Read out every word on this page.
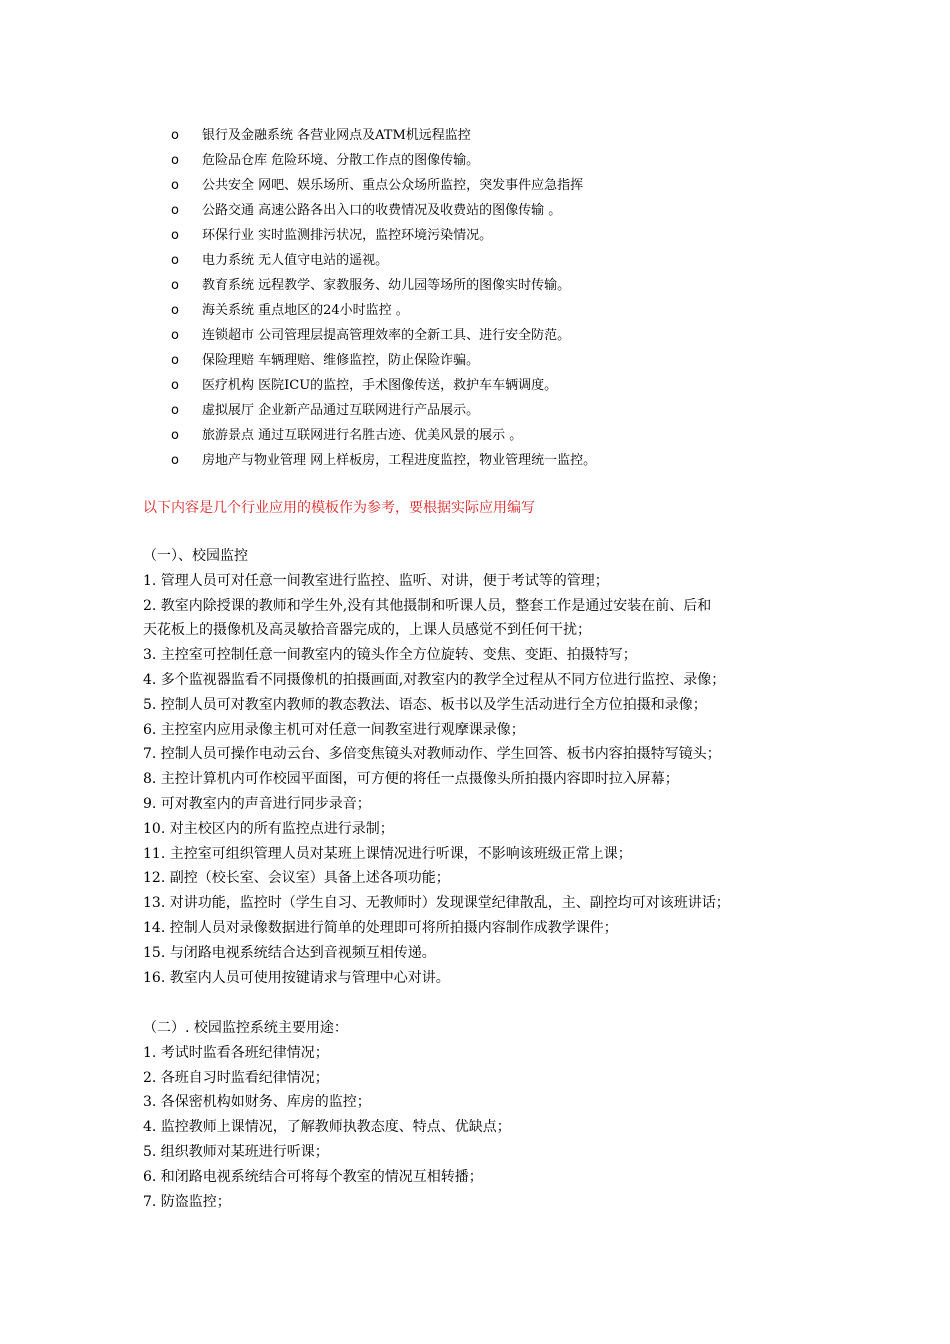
o	银行及金融系统 各营业网点及ATM机远程监控
o	危险品仓库 危险环境、分散工作点的图像传输。
o	公共安全 网吧、娱乐场所、重点公众场所监控，突发事件应急指挥
o	公路交通 高速公路各出入口的收费情况及收费站的图像传输 。
o	环保行业 实时监测排污状况，监控环境污染情况。
o	电力系统 无人值守电站的遥视。
o	教育系统 远程教学、家教服务、幼儿园等场所的图像实时传输。
o	海关系统 重点地区的24小时监控 。
o	连锁超市 公司管理层提高管理效率的全新工具、进行安全防范。
o	保险理赔 车辆理赔、维修监控，防止保险诈骗。
o	医疗机构 医院ICU的监控，手术图像传送，救护车车辆调度。
o	虚拟展厅 企业新产品通过互联网进行产品展示。
o	旅游景点 通过互联网进行名胜古迹、优美风景的展示 。
o	房地产与物业管理 网上样板房，工程进度监控，物业管理统一监控。
以下内容是几个行业应用的模板作为参考，要根据实际应用编写
（一）、校园监控
1. 管理人员可对任意一间教室进行监控、监听、对讲，便于考试等的管理；
2. 教室内除授课的教师和学生外,没有其他摄制和听课人员，整套工作是通过安装在前、后和
天花板上的摄像机及高灵敏拾音器完成的，上课人员感觉不到任何干扰；
3. 主控室可控制任意一间教室内的镜头作全方位旋转、变焦、变距、拍摄特写；
4. 多个监视器监看不同摄像机的拍摄画面,对教室内的教学全过程从不同方位进行监控、录像；
5. 控制人员可对教室内教师的教态教法、语态、板书以及学生活动进行全方位拍摄和录像；
6. 主控室内应用录像主机可对任意一间教室进行观摩课录像；
7. 控制人员可操作电动云台、多倍变焦镜头对教师动作、学生回答、板书内容拍摄特写镜头；
8. 主控计算机内可作校园平面图，可方便的将任一点摄像头所拍摄内容即时拉入屏幕；
9. 可对教室内的声音进行同步录音；
10. 对主校区内的所有监控点进行录制；
11. 主控室可组织管理人员对某班上课情况进行听课，不影响该班级正常上课；
12. 副控（校长室、会议室）具备上述各项功能；
13. 对讲功能，监控时（学生自习、无教师时）发现课堂纪律散乱，主、副控均可对该班讲话；
14. 控制人员对录像数据进行简单的处理即可将所拍摄内容制作成教学课件；
15. 与闭路电视系统结合达到音视频互相传递。
16. 教室内人员可使用按键请求与管理中心对讲。
（二）. 校园监控系统主要用途：
1. 考试时监看各班纪律情况；
2. 各班自习时监看纪律情况；
3. 各保密机构如财务、库房的监控；
4. 监控教师上课情况，了解教师执教态度、特点、优缺点；
5. 组织教师对某班进行听课；
6. 和闭路电视系统结合可将每个教室的情况互相转播；
7. 防盗监控；
